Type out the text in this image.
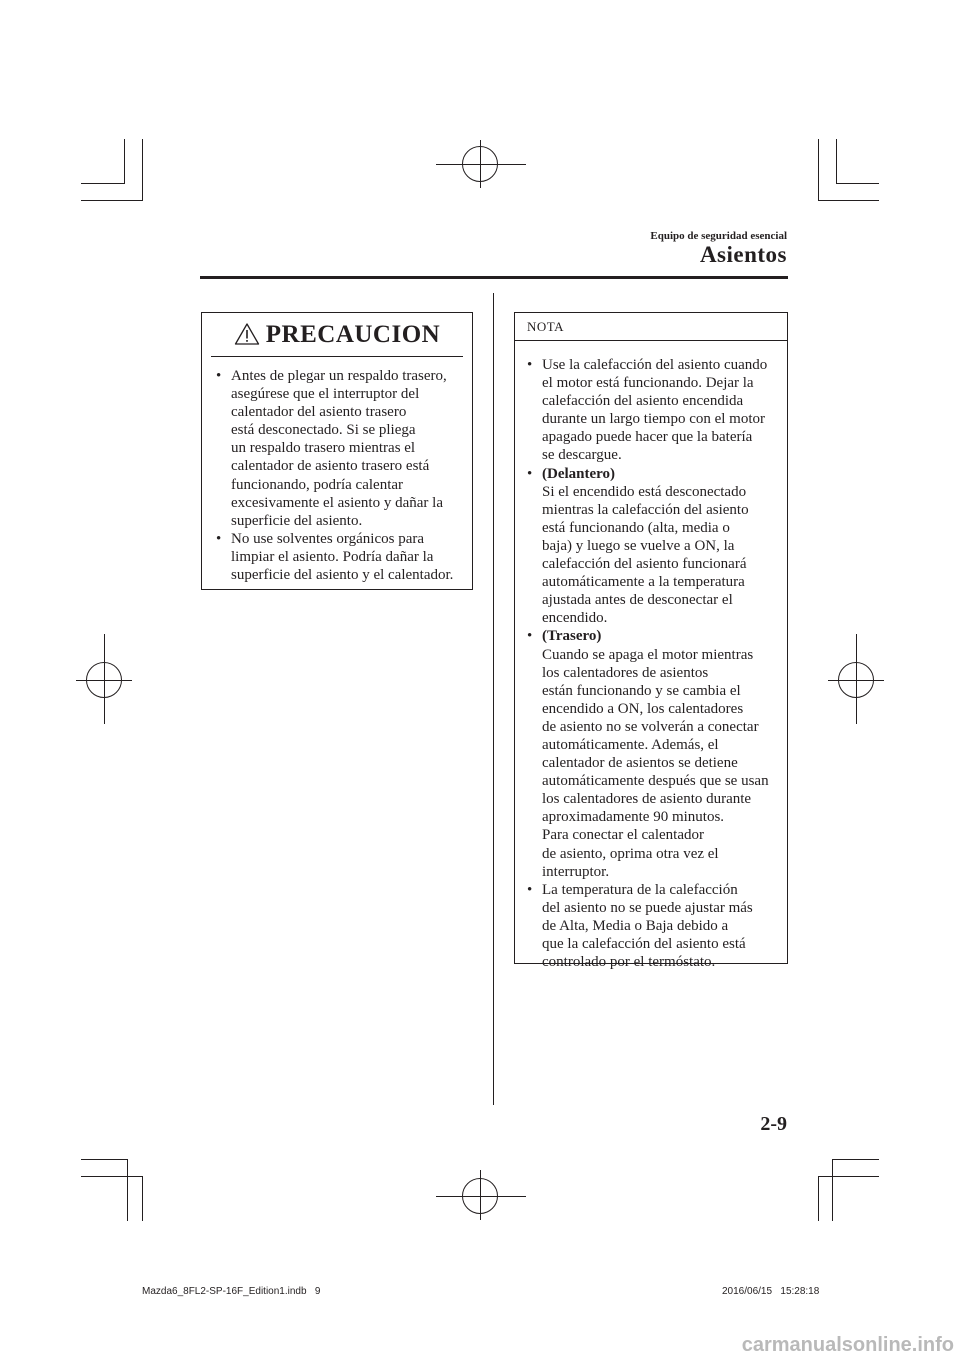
Equipo de seguridad esencial
Asientos
PRECAUCION
• Antes de plegar un respaldo trasero,

asegúrese que el interruptor del

calentador del asiento trasero

está desconectado. Si se pliega

un respaldo trasero mientras el

calentador de asiento trasero está

funcionando, podría calentar

excesivamente el asiento y dañar la

superficie del asiento.

• No use solventes orgánicos para

limpiar el asiento. Podría dañar la

superficie del asiento y el calentador.

NOTA
• Use la calefacción del asiento cuando

el motor está funcionando. Dejar la

calefacción del asiento encendida

durante un largo tiempo con el motor

apagado puede hacer que la batería

se descargue.

• (Delantero)

Si el encendido está desconectado

mientras la calefacción del asiento

está funcionando (alta, media o

baja) y luego se vuelve a ON, la

calefacción del asiento funcionará

automáticamente a la temperatura

ajustada antes de desconectar el

encendido.

• (Trasero)

Cuando se apaga el motor mientras

los calentadores de asientos

están funcionando y se cambia el

encendido a ON, los calentadores

de asiento no se volverán a conectar

automáticamente. Además, el

calentador de asientos se detiene

automáticamente después que se usan

los calentadores de asiento durante

aproximadamente 90 minutos.

Para conectar el calentador

de asiento, oprima otra vez el

interruptor.

• La temperatura de la calefacción

del asiento no se puede ajustar más

de Alta, Media o Baja debido a

que la calefacción del asiento está

controlado por el termóstato.

2-9
Mazda6_8FL2-SP-16F_Edition1.indb   9	2016/06/15   15:28:18
carmanualsonline.info
